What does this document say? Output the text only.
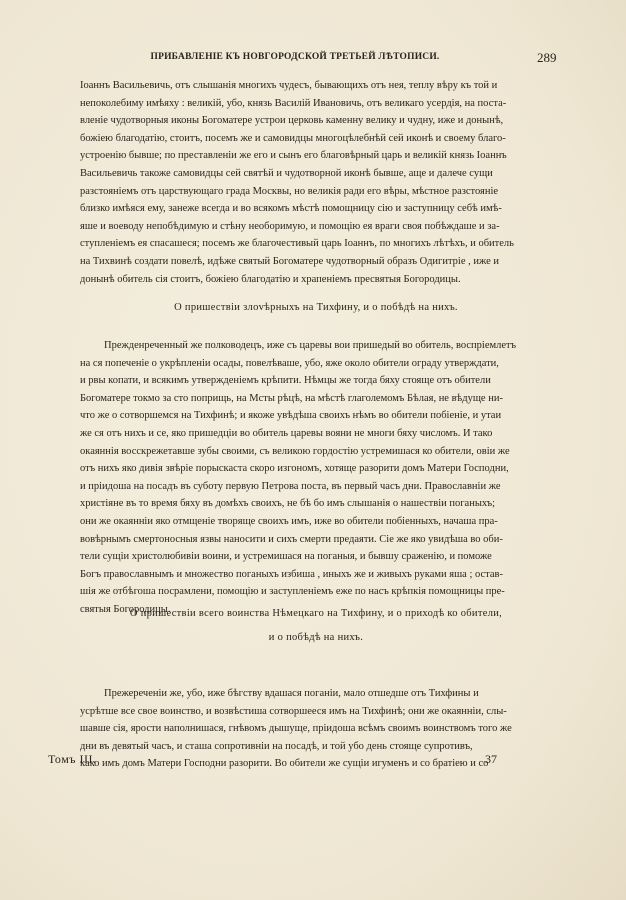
ПРИБАВЛЕНІЕ КЪ НОВГОРОДСКОЙ ТРЕТЬЕЙ ЛѢТОПИСИ.	289
Іоаннъ Васильевичь, отъ слышанія многихъ чудесъ, бывающихъ отъ нея, теплу вѣру къ той и
непоколебиму имѣяху : великій, убо, князь Василій Ивановичь, отъ великаго усердія, на поста-
вленіе чудотворныя иконы Богоматере устрои церковь каменну велику и чудну, иже и донынѣ,
божіею благодатію, стоитъ, посемъ же и самовидцы многоцѣлебнѣй сей иконѣ и своему благо-
устроенію бывше; по преставленіи же его и сынъ его благовѣрный царь и великій князь Іоаннъ
Васильевичь такоже самовидцы сей святѣй и чудотворной иконѣ бывше, аще и далече сущи
разстояніемъ отъ царствующаго града Москвы, но великія ради его вѣры, мѣстное разстояніе
близко имѣяся ему, занеже всегда и во всякомъ мѣстѣ помощницу сію и заступницу себѣ имѣ-
яше и воеводу непобѣдимую и стѣну необоримую, и помощію ея враги своя побѣждаше и за-
ступленіемъ ея спасашеся; посемъ же благочестивый царь Іоаннъ, по многихъ лѣтѣхъ, и обитель
на Тихвинѣ создати повелѣ, идѣже святый Богоматере чудотворный образъ Одигитріе , иже и
донынѣ обитель сія стоитъ, божіею благодатію и храпеніемъ пресвятыя Богородицы.
О пришествіи злovѣрныхъ на Тихфину, и о побѣдѣ на нихъ.
Прежденреченный же полководецъ, иже съ царевы вои пришедый во обитель, воспріемлетъ
на ся попеченіе о укрѣпленіи осады, повелѣваше, убо, яже около обители ограду утверждати,
и рвы копати, и всякимъ утвержденіемъ крѣпити. Нѣмцы же тогда бяху стояще отъ обители
Богоматере токмо за сто поприщь, на Мсты рѣцѣ, на мѣстѣ глаголемомъ Бѣлая, не вѣдуще ни-
что же о сотворшемся на Тихфинѣ; и якоже увѣдѣша своихъ нѣмъ во обители побіеніе, и утаи
же ся отъ нихъ и се, яко пришедціи во обитель царевы вояни не многи бяху числомъ. И тако
окаяннія восскрежетавше зубы своими, съ великою гордостію устремишася ко обители, овіи же
отъ нихъ яко дивія звѣріе порыскаста скоро изгономъ, хотяще разорити домъ Матери Господни,
и пріидоша на посадъ въ суботу первую Петрова поста, въ первый часъ дни. Православніи же
христіяне въ то время бяху въ домѣхъ своихъ, не бѣ бо имъ слышанія о нашествіи поганыхъ;
они же окаянніи яко отмщеніе творяще своихъ имъ, иже во обители побіенныхъ, начаша пра-
вовѣрнымъ смертоносныя язвы наносити и сихъ смерти предаяти. Сіе же яко увидѣша во оби-
тели сущіи христолюбивіи воини, и устремишася на поганыя, и бывшу сраженію, и поможе
Богъ православнымъ и множество поганыхъ избиша , иныхъ же и живыхъ руками яша ; остав-
шія же отбѣгоша посрамлени, помощію и заступленіемъ еже по насъ крѣпкія помощницы пре-
святыя Богородицы.
О пришествіи всего воинства Нѣмецкаго на Тихфину, и о приходѣ ко обители,
и о побѣдѣ на нихъ.
Прежереченіи же, убо, иже бѣгству вдашася поганіи, мало отшедше отъ Тихфины и
усрѣтше все свое воинство, и возвѣстиша сотворшееся имъ на Тихфинѣ; они же окаянніи, слы-
шавше сія, ярости наполнишася, гнѣвомъ дышуще, пріидоша всѣмъ своимъ воинствомъ того же
дни въ девятый часъ, и сташа сопротивніи на посадѣ, и той убо день стояще супротивъ,
како имъ домъ Матери Господни разорити. Во обители же сущіи игуменъ и со братіею и со
Томъ III.	37
